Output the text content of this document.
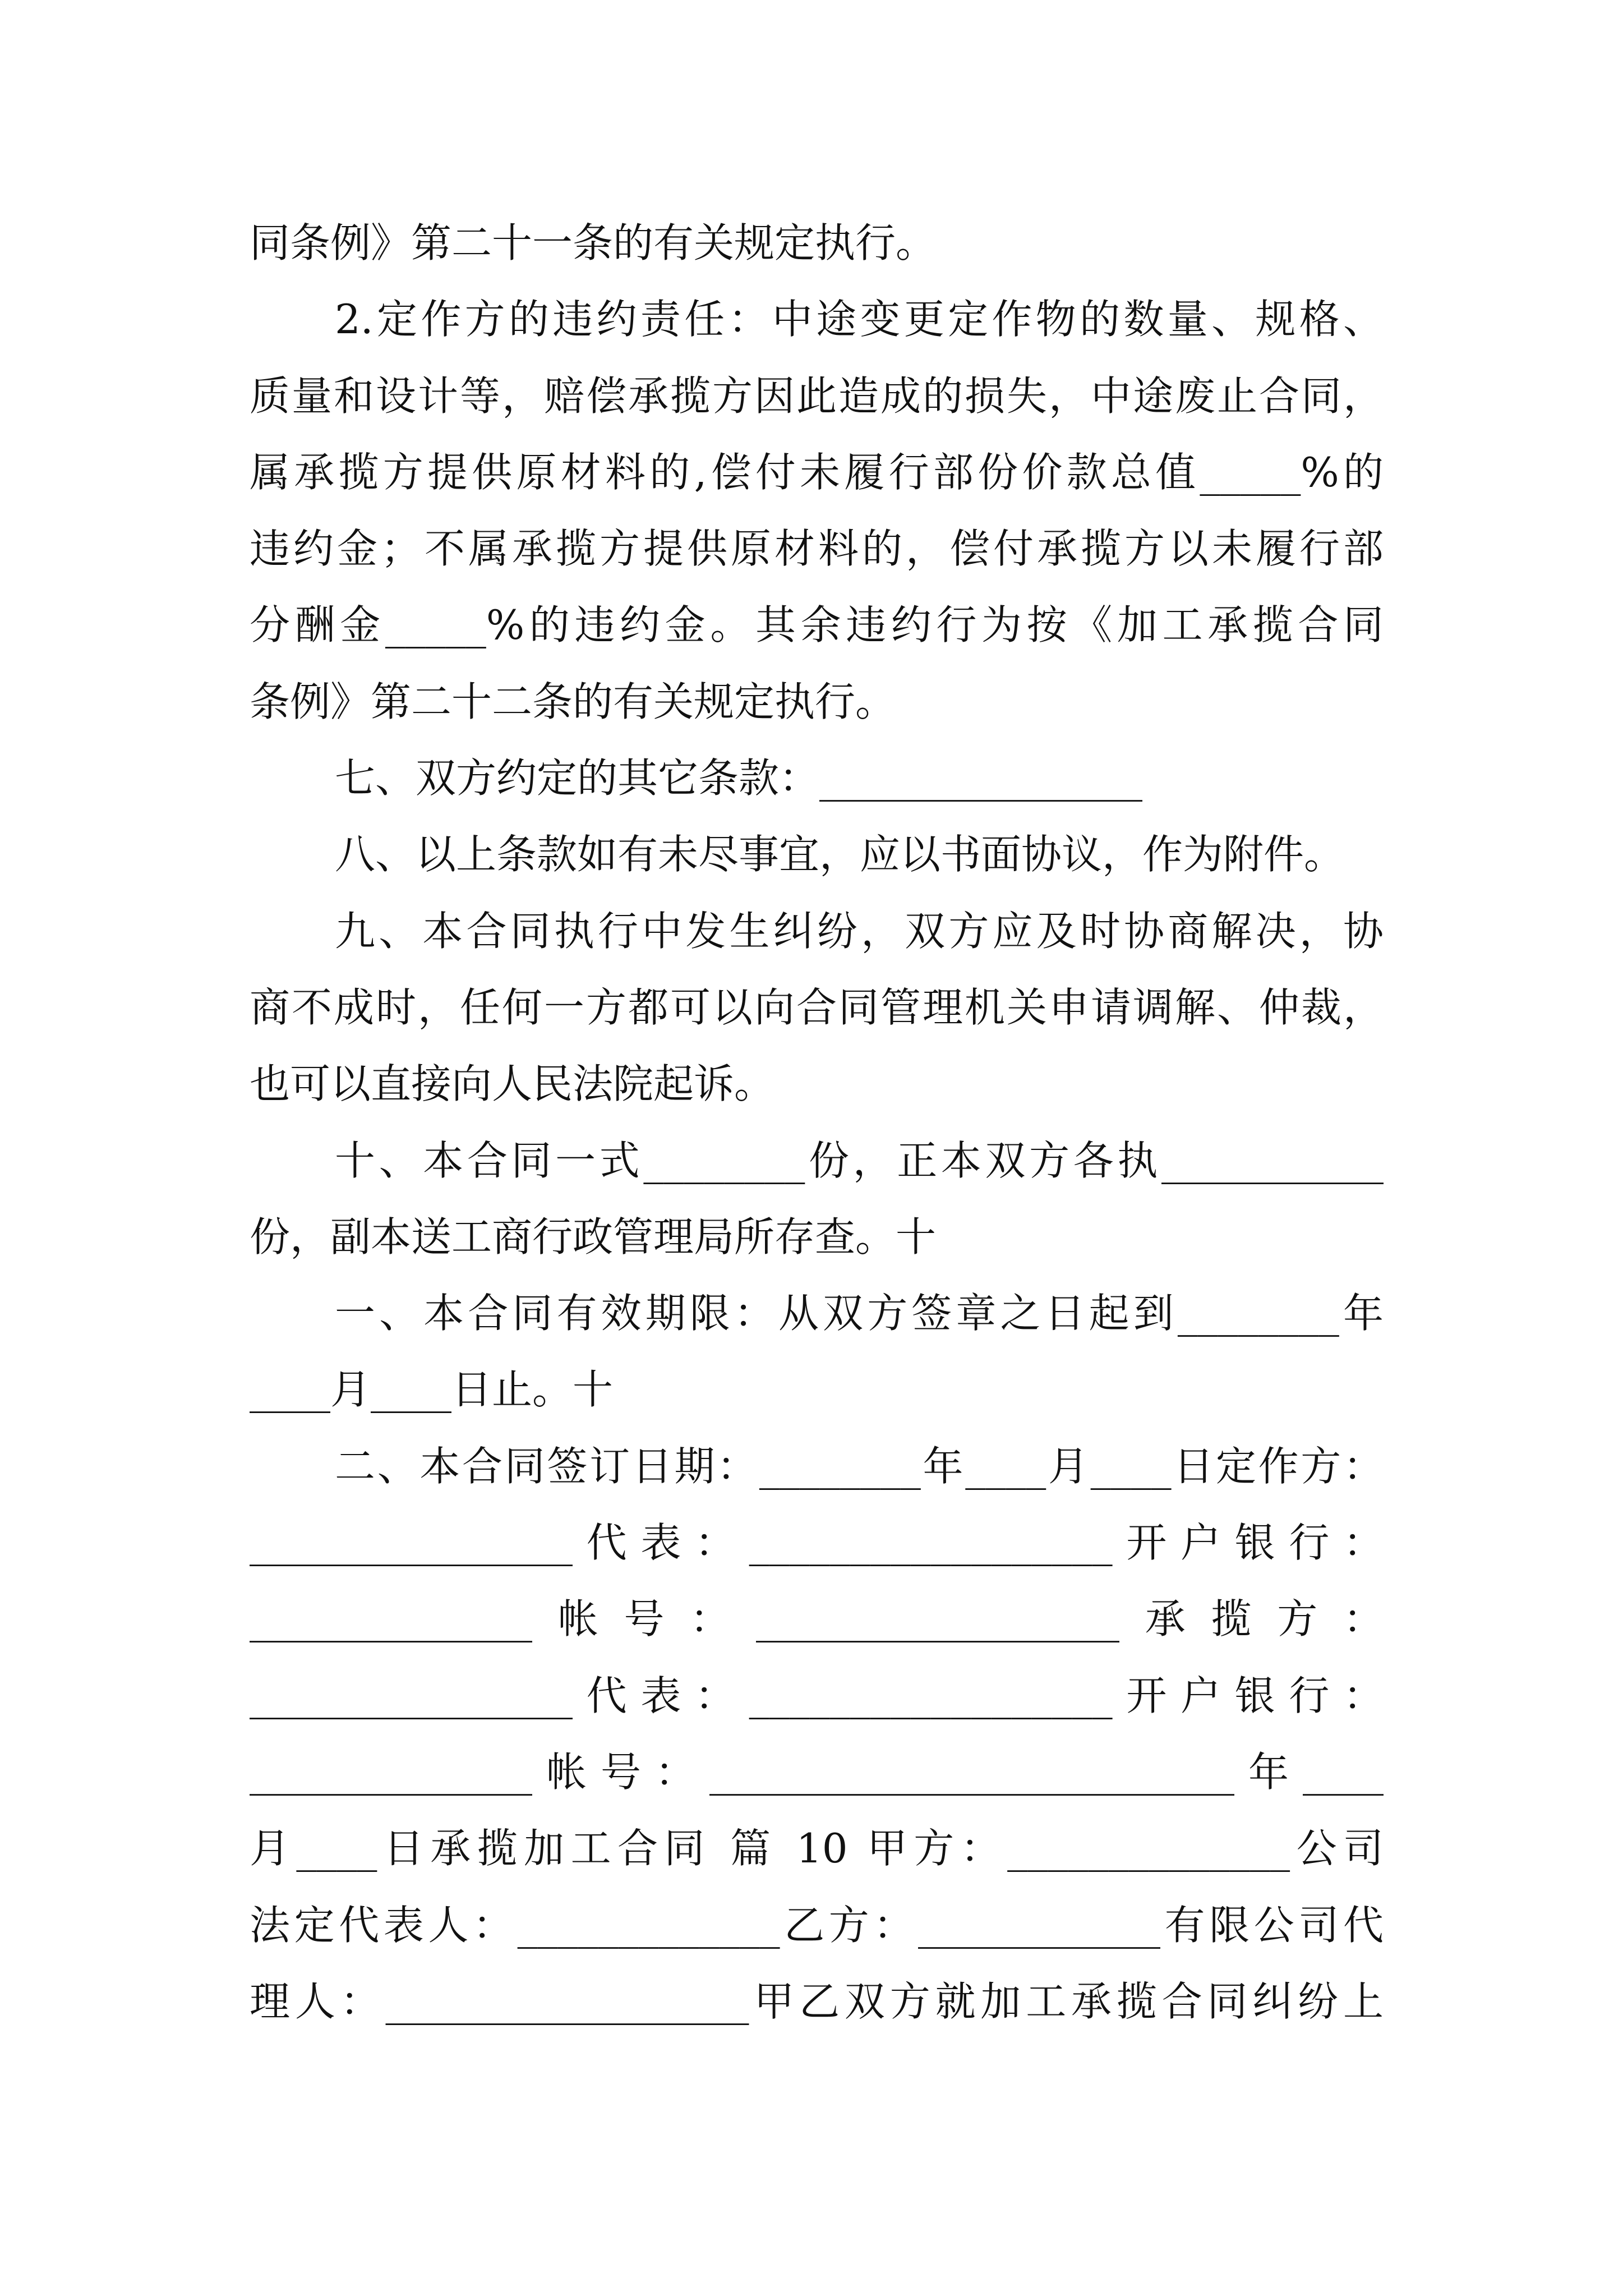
同条例》第二十一条的有关规定执行。
2.定作方的违约责任：中途变更定作物的数量、规格、
质量和设计等，赔偿承揽方因此造成的损失，中途废止合同，
属承揽方提供原材料的,偿付未履行部份价款总值_____%的
违约金；不属承揽方提供原材料的，偿付承揽方以未履行部
分酬金_____%的违约金。其余违约行为按《加工承揽合同
条例》第二十二条的有关规定执行。
七、双方约定的其它条款：________________
八、以上条款如有未尽事宜，应以书面协议，作为附件。
九、本合同执行中发生纠纷，双方应及时协商解决，协
商不成时，任何一方都可以向合同管理机关申请调解、仲裁，
也可以直接向人民法院起诉。
十、本合同一式________份，正本双方各执___________
份，副本送工商行政管理局所存查。十
一、本合同有效期限：从双方签章之日起到________年
____月____日止。十
二、本合同签订日期：________年____月____日定作方：
________________代表：__________________开户银行：
______________帐号：__________________承揽方：
________________代表：__________________开户银行：
______________帐号：__________________________年____
月____日承揽加工合同 篇 10 甲方：______________公司
法定代表人：_____________乙方：____________有限公司代
理人：__________________甲乙双方就加工承揽合同纠纷上
